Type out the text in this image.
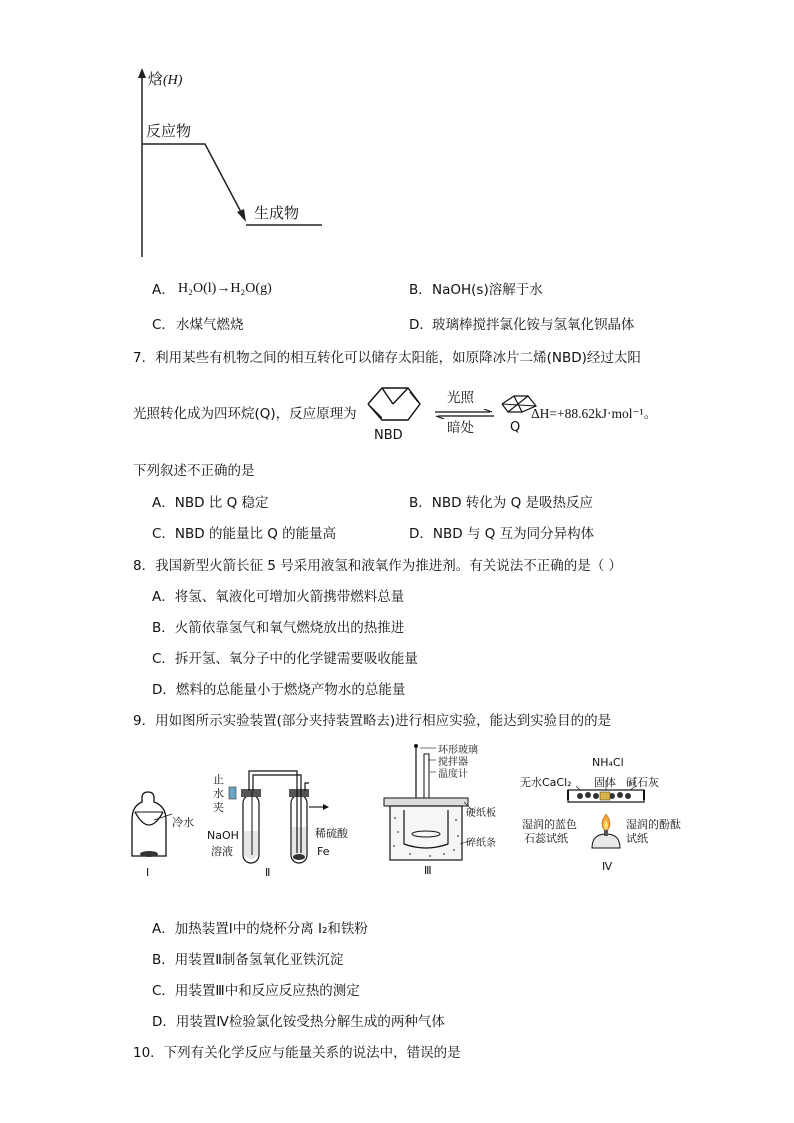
焓(H)
反应物
生成物
A． H₂O(l)→H₂O(g)	B． NaOH(s)溶解于水
C． 水煤气燃烧	D． 玻璃棒搅拌氯化铵与氢氧化钡晶体
7．利用某些有机物之间的相互转化可以储存太阳能，如原降冰片二烯(NBD)经过太阳
光照转化成为四环烷(Q)，反应原理为
NBD
光照
暗处	Q
ΔH=+88.62kJ·mol⁻¹。
下列叙述不正确的是
A．NBD 比 Q 稳定	B．NBD 转化为 Q 是吸热反应
C．NBD 的能量比 Q 的能量高	D．NBD 与 Q 互为同分异构体
8．我国新型火箭长征 5 号采用液氢和液氧作为推进剂。有关说法不正确的是（ ）
A．将氢、氧液化可增加火箭携带燃料总量
B．火箭依靠氢气和氧气燃烧放出的热推进
C．拆开氢、氧分子中的化学键需要吸收能量
D．燃料的总能量小于燃烧产物水的总能量
9．用如图所示实验装置(部分夹持装置略去)进行相应实验，能达到实验目的的是
冷水
Ⅰ
止
水
夹
NaOH
溶液
稀硫酸
Fe
Ⅱ
环形玻璃
搅拌器
温度计
硬纸板
碎纸条
Ⅲ
NH₄Cl
无水CaCl₂ 固体 碱石灰
湿润的蓝色
石蕊试纸
湿润的酚酞
试纸
Ⅳ
A．加热装置Ⅰ中的烧杯分离 I₂和铁粉
B．用装置Ⅱ制备氢氧化亚铁沉淀
C．用装置Ⅲ中和反应反应热的测定
D．用装置Ⅳ检验氯化铵受热分解生成的两种气体
10．下列有关化学反应与能量关系的说法中，错误的是
